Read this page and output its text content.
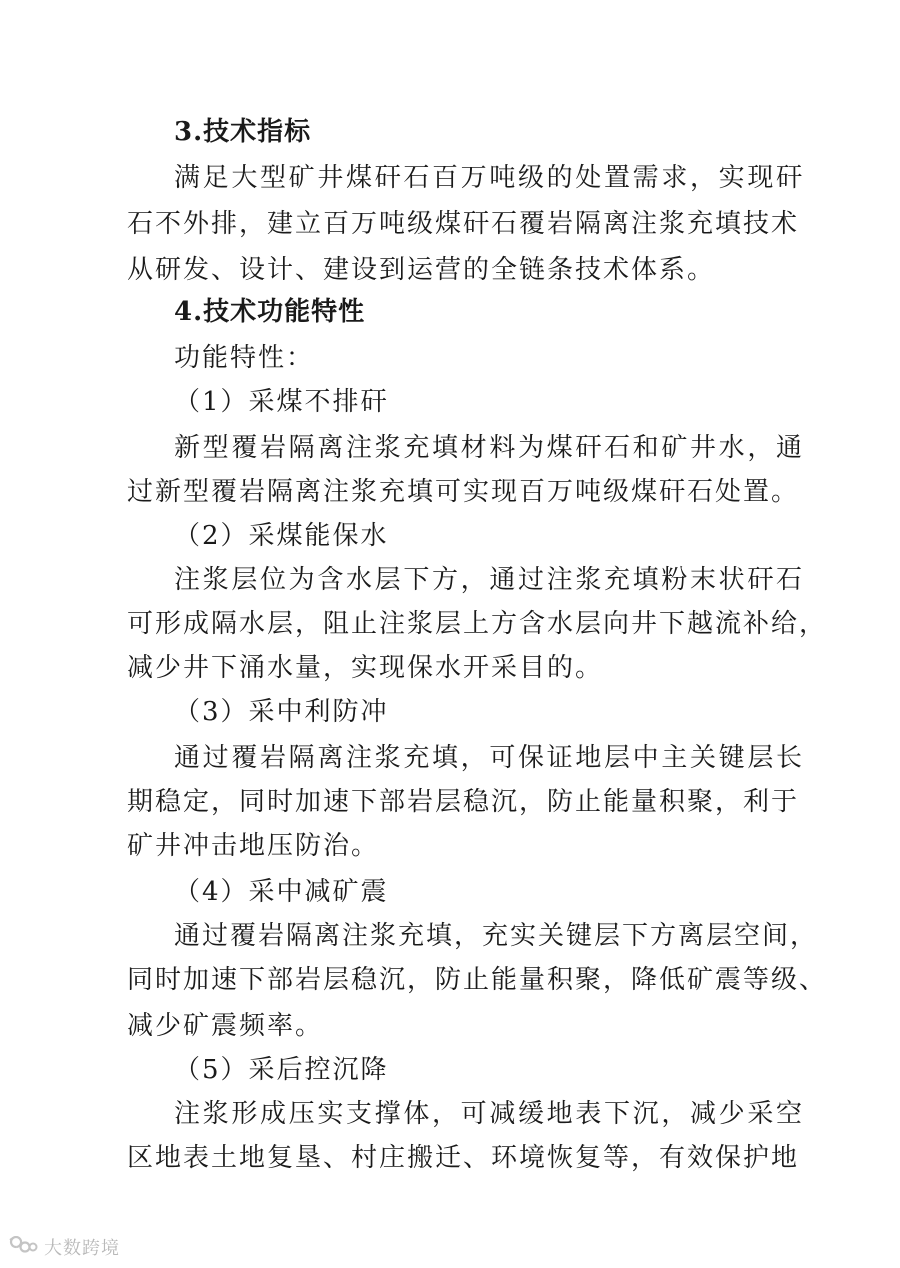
3.技术指标
满足大型矿井煤矸石百万吨级的处置需求，实现矸
石不外排，建立百万吨级煤矸石覆岩隔离注浆充填技术
从研发、设计、建设到运营的全链条技术体系。
4.技术功能特性
功能特性：
（1）采煤不排矸
新型覆岩隔离注浆充填材料为煤矸石和矿井水，通
过新型覆岩隔离注浆充填可实现百万吨级煤矸石处置。
（2）采煤能保水
注浆层位为含水层下方，通过注浆充填粉末状矸石
可形成隔水层，阻止注浆层上方含水层向井下越流补给，
减少井下涌水量，实现保水开采目的。
（3）采中利防冲
通过覆岩隔离注浆充填，可保证地层中主关键层长
期稳定，同时加速下部岩层稳沉，防止能量积聚，利于
矿井冲击地压防治。
（4）采中减矿震
通过覆岩隔离注浆充填，充实关键层下方离层空间，
同时加速下部岩层稳沉，防止能量积聚，降低矿震等级、
减少矿震频率。
（5）采后控沉降
注浆形成压实支撑体，可减缓地表下沉，减少采空
区地表土地复垦、村庄搬迁、环境恢复等，有效保护地
大数跨境
